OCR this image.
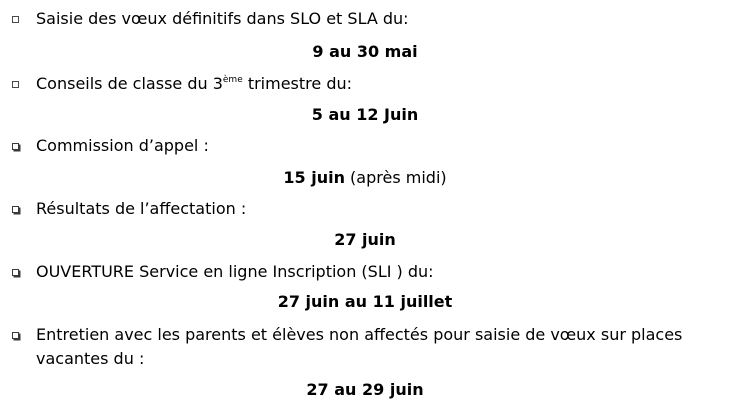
Saisie des vœux définitifs dans SLO et SLA du:
9 au 30 mai
Conseils de classe du 3ème trimestre du:
5 au 12 Juin
Commission d’appel :
15 juin (après midi)
Résultats de l’affectation :
27 juin
OUVERTURE Service en ligne Inscription (SLI ) du:
27 juin au 11 juillet
Entretien avec les parents et élèves non affectés pour saisie de vœux sur places
vacantes du :
27 au 29 juin
